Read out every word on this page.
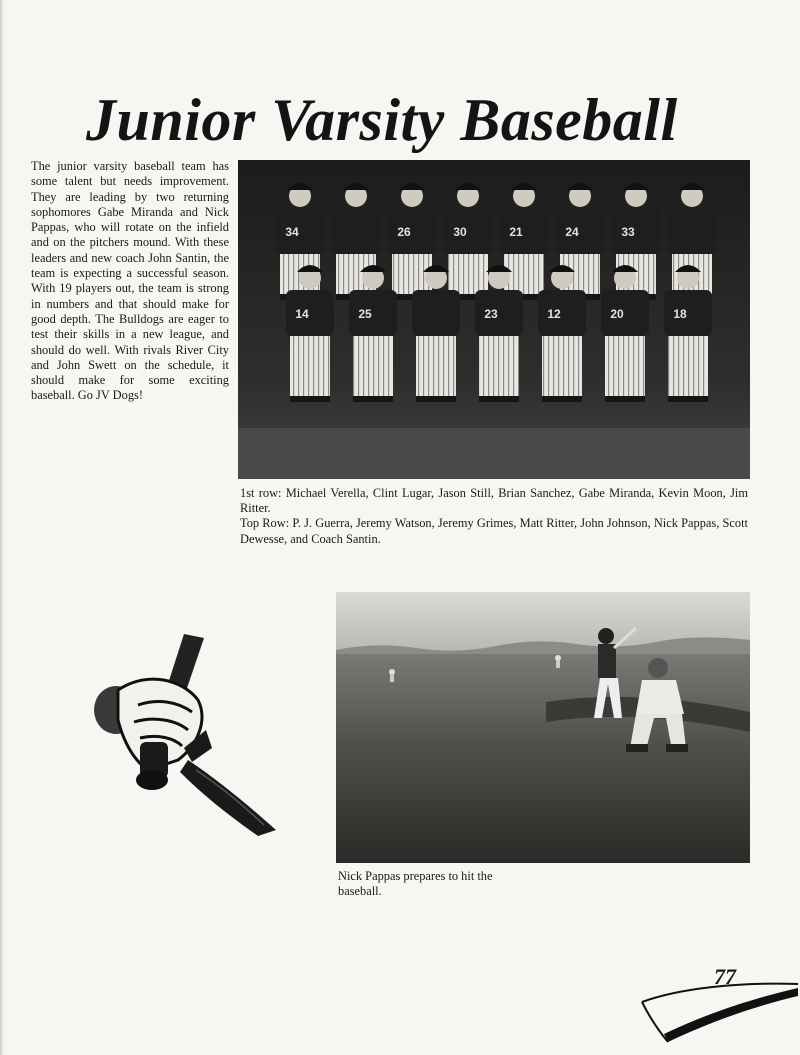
Junior Varsity Baseball

The junior varsity baseball team has some talent but needs improvement. They are leading by two returning sophomores Gabe Miranda and Nick Pappas, who will rotate on the infield and on the pitchers mound. With these leaders and new coach John Santin, the team is expecting a successful season. With 19 players out, the team is strong in numbers and that should make for good depth. The Bulldogs are eager to test their skills in a new league, and should do well. With rivals River City and John Swett on the schedule, it should make for some exciting baseball. Go JV Dogs!

34	26	30	21	24	33
14	25	23	12	20	18
1st row: Michael Verella, Clint Lugar, Jason Still, Brian Sanchez, Gabe Miranda, Kevin Moon, Jim Ritter.
Top Row: P. J. Guerra, Jeremy Watson, Jeremy Grimes, Matt Ritter, John Johnson, Nick Pappas, Scott Dewesse, and Coach Santin.

Nick Pappas prepares to hit the baseball.

77
